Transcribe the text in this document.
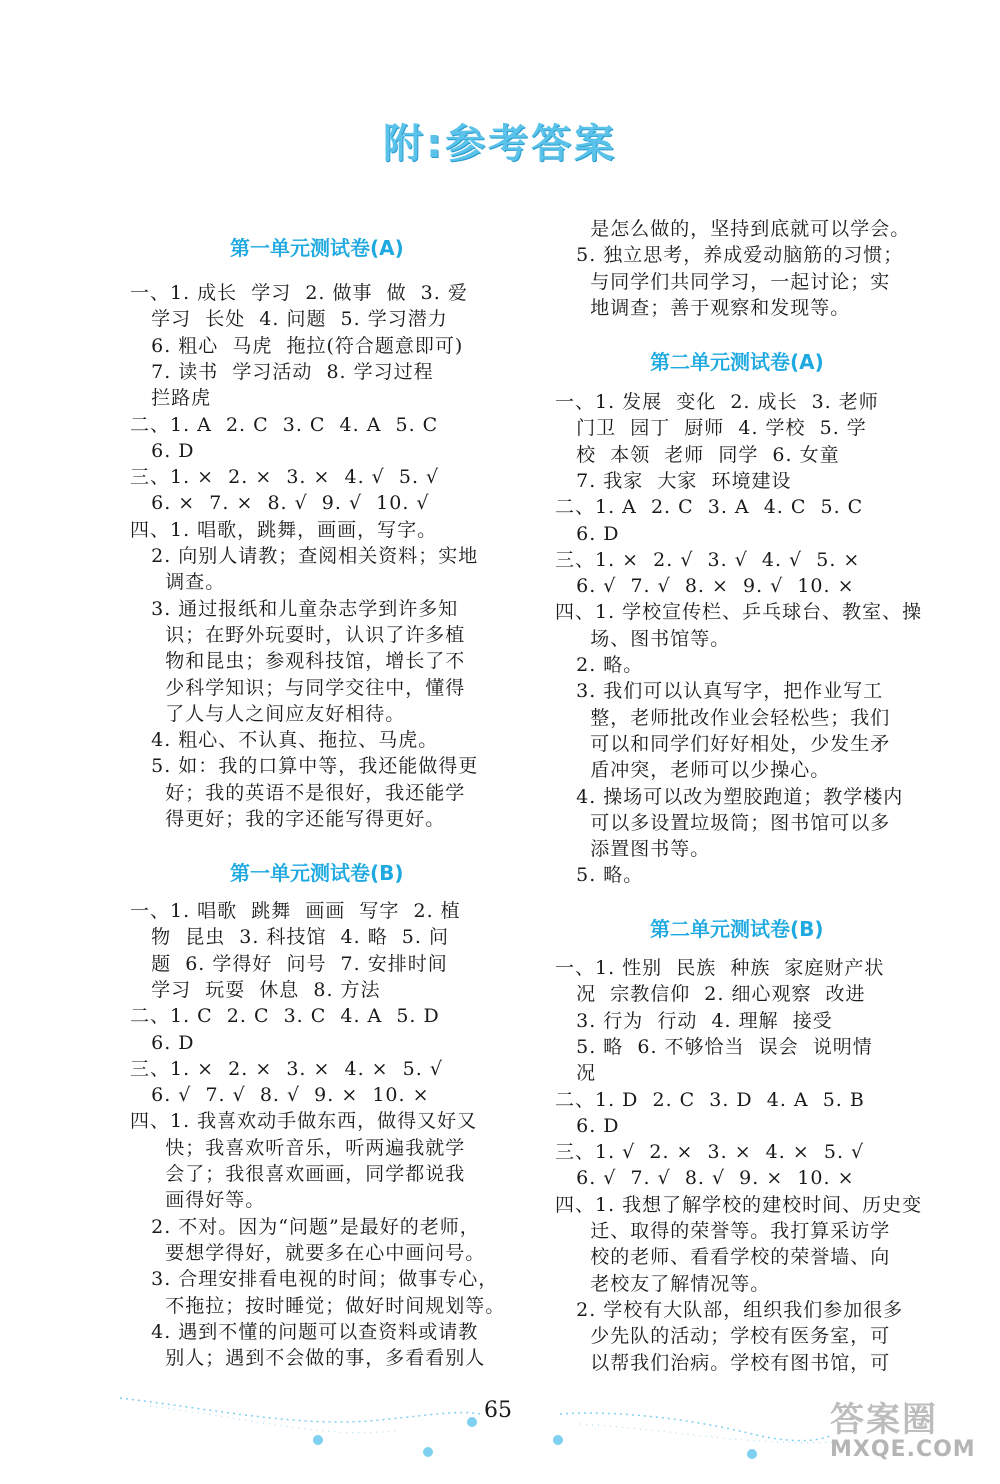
附:参考答案
第一单元测试卷(A)
一、1. 成长  学习  2. 做事  做  3. 爱
学习  长处  4. 问题  5. 学习潜力
6. 粗心  马虎  拖拉(符合题意即可)
7. 读书  学习活动  8. 学习过程
拦路虎
二、1. A  2. C  3. C  4. A  5. C
6. D
三、1. ×  2. ×  3. ×  4. √  5. √
6. ×  7. ×  8. √  9. √  10. √
四、1. 唱歌，跳舞，画画，写字。
2. 向别人请教；查阅相关资料；实地
调查。
3. 通过报纸和儿童杂志学到许多知
识；在野外玩耍时，认识了许多植
物和昆虫；参观科技馆，增长了不
少科学知识；与同学交往中，懂得
了人与人之间应友好相待。
4. 粗心、不认真、拖拉、马虎。
5. 如：我的口算中等，我还能做得更
好；我的英语不是很好，我还能学
得更好；我的字还能写得更好。
第一单元测试卷(B)
一、1. 唱歌  跳舞  画画  写字  2. 植
物  昆虫  3. 科技馆  4. 略  5. 问
题  6. 学得好  问号  7. 安排时间
学习  玩耍  休息  8. 方法
二、1. C  2. C  3. C  4. A  5. D
6. D
三、1. ×  2. ×  3. ×  4. ×  5. √
6. √  7. √  8. √  9. ×  10. ×
四、1. 我喜欢动手做东西，做得又好又
快；我喜欢听音乐，听两遍我就学
会了；我很喜欢画画，同学都说我
画得好等。
2. 不对。因为“问题”是最好的老师，
要想学得好，就要多在心中画问号。
3. 合理安排看电视的时间；做事专心，
不拖拉；按时睡觉；做好时间规划等。
4. 遇到不懂的问题可以查资料或请教
别人；遇到不会做的事，多看看别人
是怎么做的，坚持到底就可以学会。
5. 独立思考，养成爱动脑筋的习惯；
与同学们共同学习，一起讨论；实
地调查；善于观察和发现等。
第二单元测试卷(A)
一、1. 发展  变化  2. 成长  3. 老师
门卫  园丁  厨师  4. 学校  5. 学
校  本领  老师  同学  6. 女童
7. 我家  大家  环境建设
二、1. A  2. C  3. A  4. C  5. C
6. D
三、1. ×  2. √  3. √  4. √  5. ×
6. √  7. √  8. ×  9. √  10. ×
四、1. 学校宣传栏、乒乓球台、教室、操
场、图书馆等。
2. 略。
3. 我们可以认真写字，把作业写工
整，老师批改作业会轻松些；我们
可以和同学们好好相处，少发生矛
盾冲突，老师可以少操心。
4. 操场可以改为塑胶跑道；教学楼内
可以多设置垃圾筒；图书馆可以多
添置图书等。
5. 略。
第二单元测试卷(B)
一、1. 性别  民族  种族  家庭财产状
况  宗教信仰  2. 细心观察  改进
3. 行为  行动  4. 理解  接受
5. 略  6. 不够恰当  误会  说明情
况
二、1. D  2. C  3. D  4. A  5. B
6. D
三、1. √  2. ×  3. ×  4. ×  5. √
6. √  7. √  8. √  9. ×  10. ×
四、1. 我想了解学校的建校时间、历史变
迁、取得的荣誉等。我打算采访学
校的老师、看看学校的荣誉墙、向
老校友了解情况等。
2. 学校有大队部，组织我们参加很多
少先队的活动；学校有医务室，可
以帮我们治病。学校有图书馆，可
65	答案圈
MXQE.COM
